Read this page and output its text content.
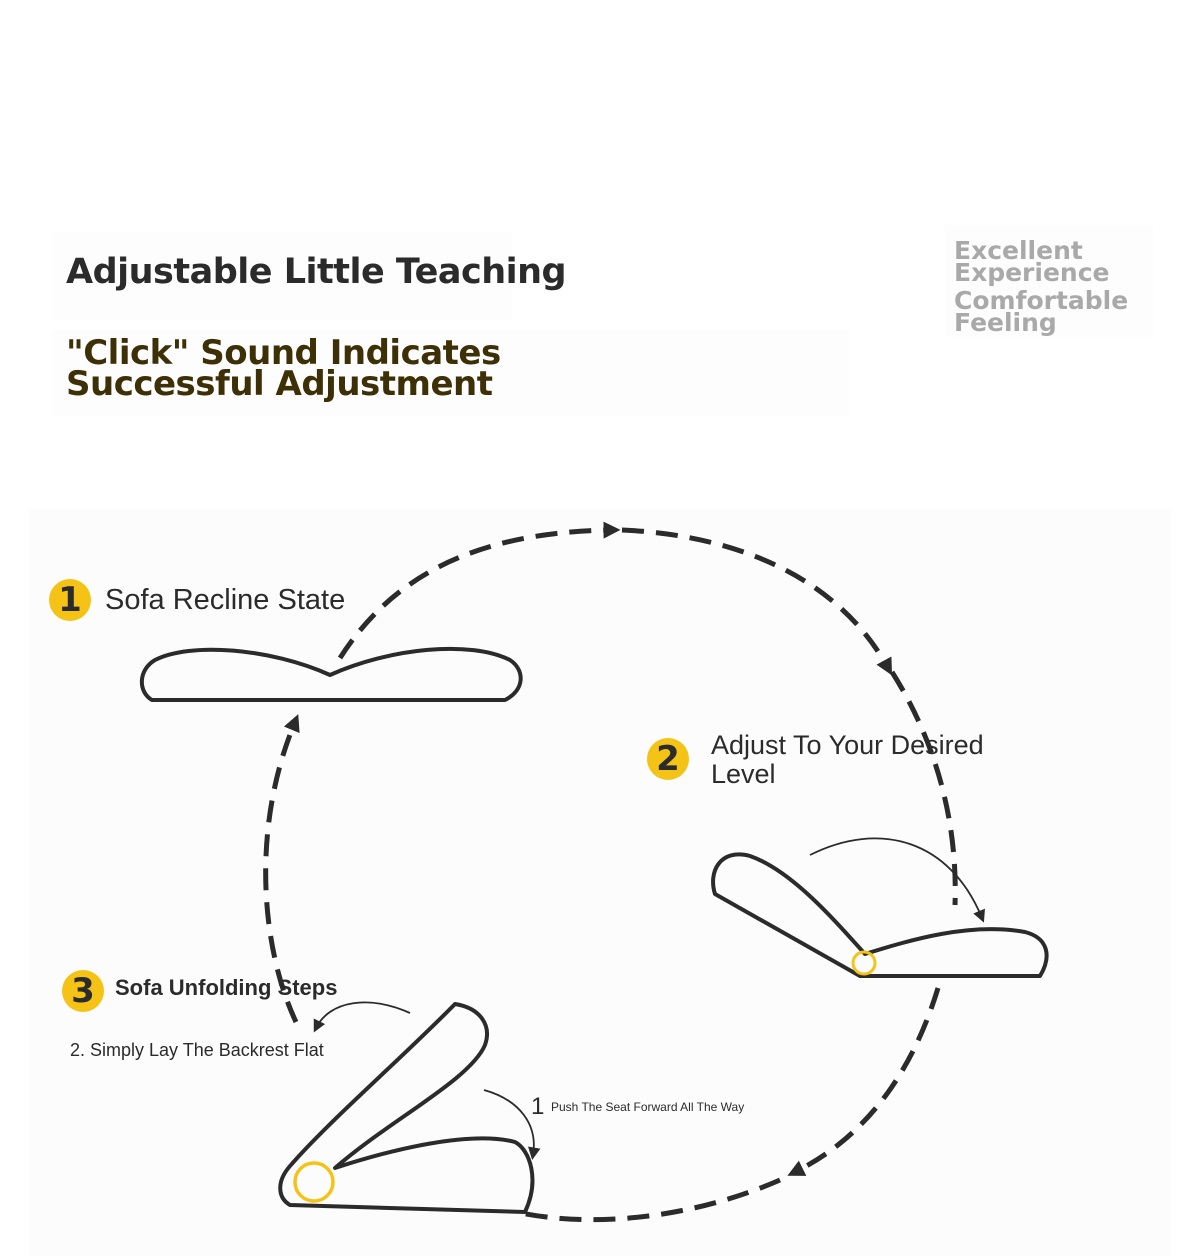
Adjustable Little Teaching
"Click" Sound Indicates Successful Adjustment
Excellent Experience
Comfortable Feeling
1 Sofa Recline State
2	Adjust To Your Desired Level
3 Sofa Unfolding Steps
2. Simply Lay The Backrest Flat
1 Push The Seat Forward All The Way
